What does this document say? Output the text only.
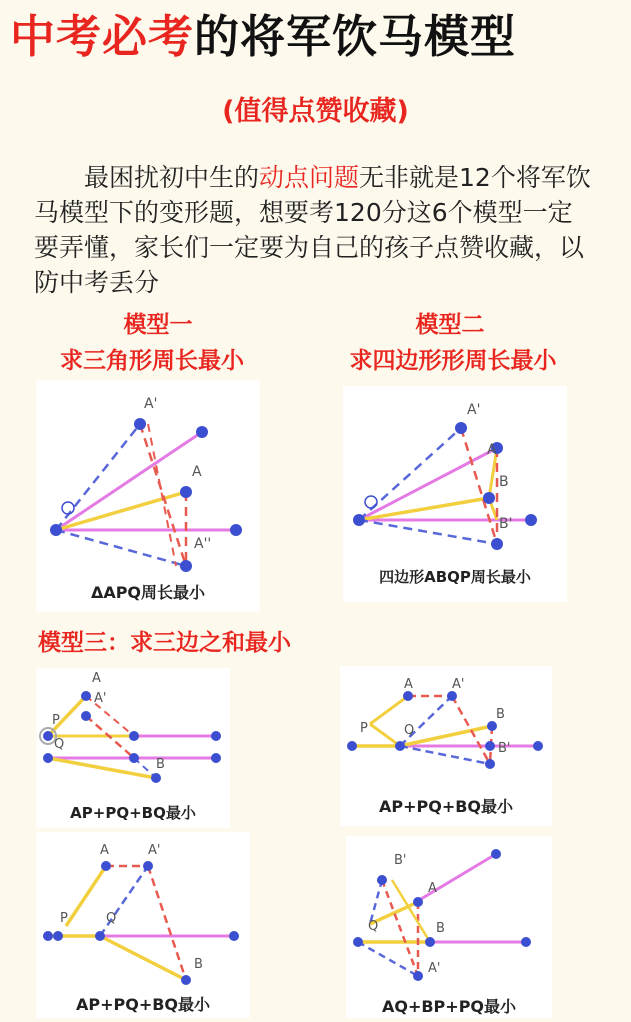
中考必考的将军饮马模型
(值得点赞收藏)
最困扰初中生的动点问题无非就是12个将军饮马模型下的变形题，想要考120分这6个模型一定要弄懂，家长们一定要为自己的孩子点赞收藏，以防中考丢分
模型一
求三角形周长最小
模型二
求四边形形周长最小
A'
A
A''
ΔAPQ周长最小
A'
A
B
B'
四边形ABQP周长最小
模型三：求三边之和最小
A
A'
P
Q
B
AP+PQ+BQ最小
A	A'
P	Q
B
B'
AP+PQ+BQ最小
A	A'
P	Q
B
AP+PQ+BQ最小
B'
A
Q	B
A'
AQ+BP+PQ最小
